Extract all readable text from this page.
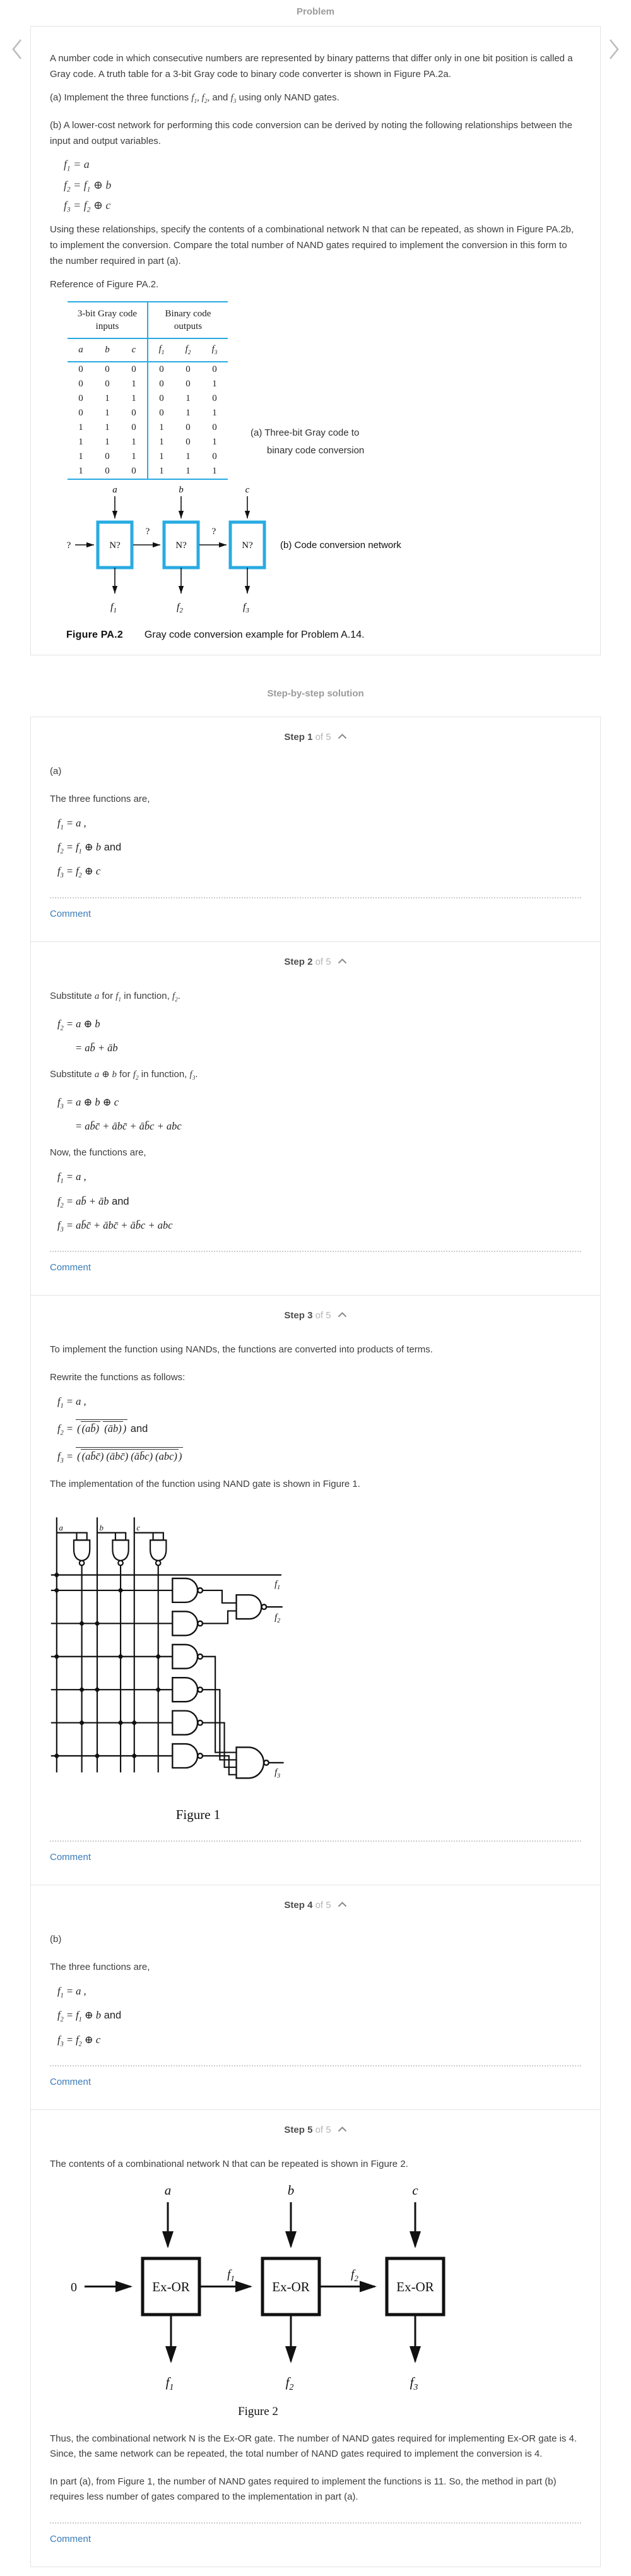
Problem

A number code in which consecutive numbers are represented by binary patterns that differ only in one bit position is called a Gray code. A truth table for a 3-bit Gray code to binary code converter is shown in Figure PA.2a.

(a) Implement the three functions $f_1$, $f_2$, and $f_3$ using only NAND gates.

(b) A lower-cost network for performing this code conversion can be derived by noting the following relationships between the input and output variables.

$f_1 = a$
$f_2 = f_1$ ⊕ b
$f_3 = f_2$ ⊕ c

Using these relationships, specify the contents of a combinational network N that can be repeated, as shown in Figure PA.2b, to implement the conversion. Compare the total number of NAND gates required to implement the conversion in this form to the number required in part (a).

Reference of Figure PA.2.

3-bit Gray code
inputs			Binary code
outputs		
a	b	c	$f_1$	$f_2$	$f_3$
0	0	0	0	0	0
0	0	1	0	0	1
0	1	1	0	1	0
0	1	0	0	1	1
1	1	0	1	0	0
1	1	1	1	0	1
1	0	1	1	1	0
1	0	0	1	1	1
(a) Three-bit Gray code to
binary code conversion
a	b	c
N?	N?	N?
?
?	?
$f_1$	$f_2$	$f_3$
(b) Code conversion network
Figure PA.2 Gray code conversion example for Problem A.14.
Step-by-step solution
Step 1 of 5

(a)

The three functions are,

$f_1 = a$ ,
$f_2 = f_1$ ⊕ b and
$f_3 = f_2$ ⊕ c
Comment
Step 2 of 5

Substitute a for $f_1$ in function, $f_2$.

$f_2 = a$ ⊕ b
= ab̄ + āb

Substitute a ⊕ b for $f_2$ in function, $f_3$.

$f_3 = a$ ⊕ b ⊕ c
= ab̄c̄ + ābc̄ + āb̄c + abc

Now, the functions are,

$f_1 = a$ ,
$f_2$ = ab̄ + āb and
$f_3$ = ab̄c̄ + ābc̄ + āb̄c + abc
Comment
Step 3 of 5

To implement the function using NANDs, the functions are converted into products of terms.

Rewrite the functions as follows:

$f_1 = a$ ,
$f_2$ = ( (ab̄) (āb) ) and
$f_3$ = ( (ab̄c̄) (ābc̄) (āb̄c) (abc) )

The implementation of the function using NAND gate is shown in Figure 1.

a	b	c
$f_1$
$f_2$
$f_3$
Figure 1
Comment
Step 4 of 5

(b)

The three functions are,

$f_1 = a$ ,
$f_2 = f_1$ ⊕ b and
$f_3 = f_2$ ⊕ c
Comment
Step 5 of 5

The contents of a combinational network N that can be repeated is shown in Figure 2.

a	b	c
Ex-OR	Ex-OR	Ex-OR
0
$f_1$	$f_2$
$f_1$	$f_2$	$f_3$
Figure 2

Thus, the combinational network N is the Ex-OR gate. The number of NAND gates required for implementing Ex-OR gate is 4. Since, the same network can be repeated, the total number of NAND gates required to implement the conversion is 4.

In part (a), from Figure 1, the number of NAND gates required to implement the functions is 11. So, the method in part (b) requires less number of gates compared to the implementation in part (a).

Comment
